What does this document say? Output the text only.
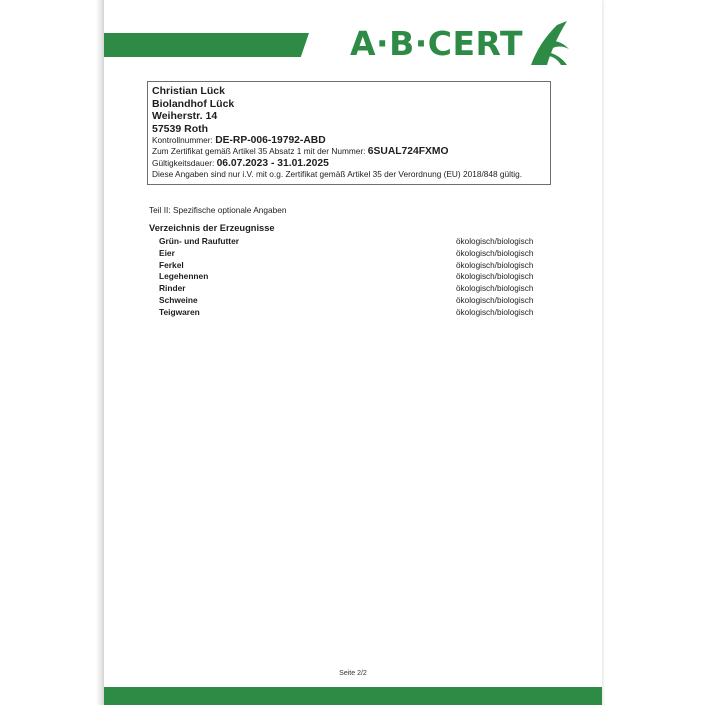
A·B·CERT
Christian Lück
Biolandhof Lück
Weiherstr. 14
57539 Roth
Kontrollnummer: DE-RP-006-19792-ABD
Zum Zertifikat gemäß Artikel 35 Absatz 1 mit der Nummer: 6SUAL724FXMO
Gültigkeitsdauer: 06.07.2023 - 31.01.2025
Diese Angaben sind nur i.V. mit o.g. Zertifikat gemäß Artikel 35 der Verordnung (EU) 2018/848 gültig.
Teil II: Spezifische optionale Angaben
Verzeichnis der Erzeugnisse
Grün- und Raufutter	ökologisch/biologisch
Eier	ökologisch/biologisch
Ferkel	ökologisch/biologisch
Legehennen	ökologisch/biologisch
Rinder	ökologisch/biologisch
Schweine	ökologisch/biologisch
Teigwaren	ökologisch/biologisch
Seite 2/2
